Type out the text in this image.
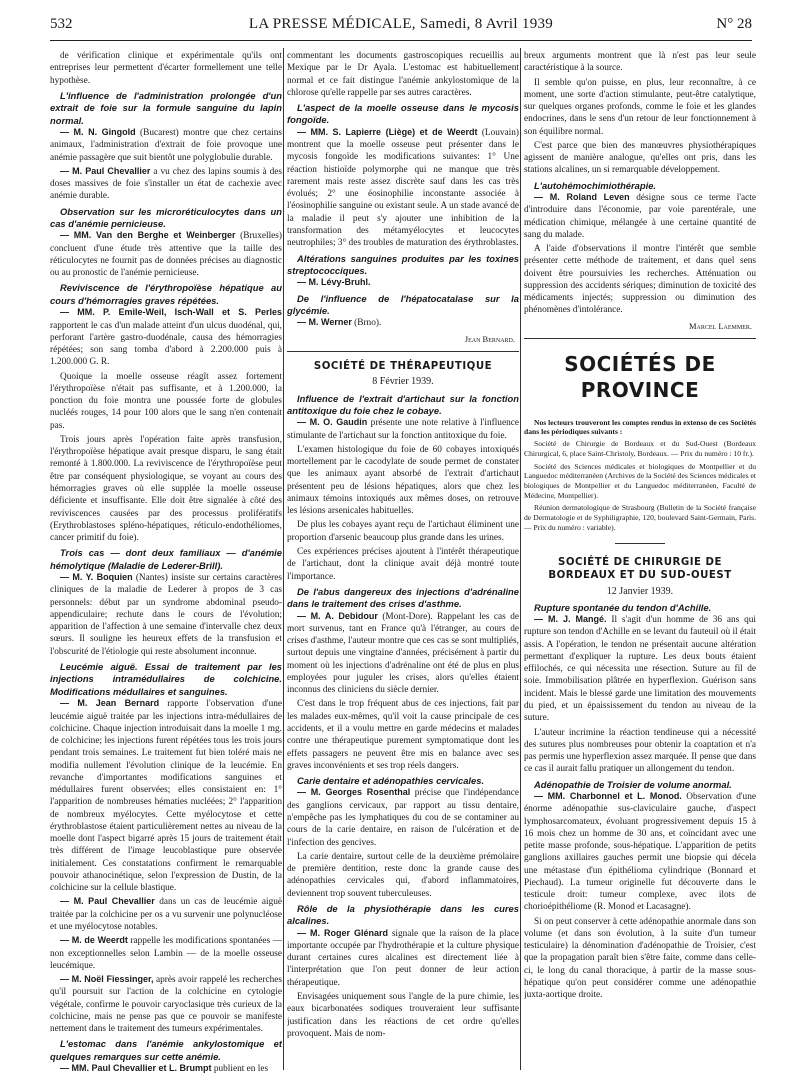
532	LA PRESSE MÉDICALE, Samedi, 8 Avril 1939	N° 28

de vérification clinique et expérimentale qu'ils ont entreprises leur permettent d'écarter formellement une telle hypothèse.

L'influence de l'administration prolongée d'un extrait de foie sur la formule sanguine du lapin normal.

— M. N. Gingold (Bucarest) montre que chez certains animaux, l'administration d'extrait de foie provoque une anémie passagère que suit bientôt une polyglobulie durable.

— M. Paul Chevallier a vu chez des lapins soumis à des doses massives de foie s'installer un état de cachexie avec anémie durable.

Observation sur les microréticulocytes dans un cas d'anémie pernicieuse.

— MM. Van den Berghe et Weinberger (Bruxelles) concluent d'une étude très attentive que la taille des réticulocytes ne fournit pas de données précises au diagnostic ou au pronostic de l'anémie pernicieuse.

Reviviscence de l'érythropoïèse hépatique au cours d'hémorragies graves répétées.

— MM. P. Emile-Weil, Isch-Wall et S. Perles rapportent le cas d'un malade atteint d'un ulcus duodénal, qui, perforant l'artère gastro-duodénale, causa des hémorragies répétées; son sang tomba d'abord à 2.200.000 puis à 1.200.000 G. R.

Quoique la moelle osseuse réagît assez fortement l'érythropoïèse n'était pas suffisante, et à 1.200.000, la ponction du foie montra une poussée forte de globules nucléés rouges, 14 pour 100 alors que le sang n'en contenait pas.

Trois jours après l'opération faite après transfusion, l'érythropoïèse hépatique avait presque disparu, le sang était remonté à 1.800.000. La reviviscence de l'érythropoïèse peut être par conséquent physiologique, se voyant au cours des hémorragies graves où elle supplée la moelle osseuse déficiente et insuffisante. Elle doit être signalée à côté des reviviscences causées par des processus prolifératifs (Erythroblastoses spléno-hépatiques, réticulo-endothéliomes, cancer primitif du foie).

Trois cas — dont deux familiaux — d'anémie hémolytique (Maladie de Lederer-Brill).

— M. Y. Boquien (Nantes) insiste sur certains caractères cliniques de la maladie de Lederer à propos de 3 cas personnels: début par un syndrome abdominal pseudo-appendiculaire; rechute dans le cours de l'évolution; apparition de l'affection à une semaine d'intervalle chez deux sœurs. Il souligne les heureux effets de la transfusion et l'obscurité de l'étiologie qui reste absolument inconnue.

Leucémie aiguë. Essai de traitement par les injections intramédullaires de colchicine. Modifications médullaires et sanguines.

— M. Jean Bernard rapporte l'observation d'une leucémie aiguë traitée par les injections intra-médullaires de colchicine. Chaque injection introduisait dans la moelle 1 mg. de colchicine; les injections furent répétées tous les trois jours pendant trois semaines. Le traitement fut bien toléré mais ne modifia nullement l'évolution clinique de la leucémie. En revanche d'importantes modifications sanguines et médullaires furent observées; elles consistaient en: 1° l'apparition de nombreuses hématies nucléées; 2° l'apparition de nombreux myélocytes. Cette myélocytose et cette érythroblastose étaient particulièrement nettes au niveau de la moelle dont l'aspect bigarré après 15 jours de traitement était très différent de l'image leucoblastique pure observée initialement. Ces constatations confirment le remarquable pouvoir athanocinétique, selon l'expression de Dustin, de la colchicine sur la cellule blastique.

— M. Paul Chevallier dans un cas de leucémie aiguë traitée par la colchicine per os a vu survenir une polynucléose et une myélocytose notables.

— M. de Weerdt rappelle les modifications spontanées — non exceptionnelles selon Lambin — de la moelle osseuse leucémique.

— M. Noël Fiessinger, après avoir rappelé les recherches qu'il poursuit sur l'action de la colchicine en cytologie végétale, confirme le pouvoir caryoclasique très curieux de la colchicine, mais ne pense pas que ce pouvoir se manifeste nettement dans le traitement des tumeurs expérimentales.

L'estomac dans l'anémie ankylostomique et quelques remarques sur cette anémie.

— MM. Paul Chevallier et L. Brumpt publient en les

commentant les documents gastroscopiques recueillis au Mexique par le Dr Ayala. L'estomac est habituellement normal et ce fait distingue l'anémie ankylostomique de la chlorose qu'elle rappelle par ses autres caractères.

L'aspect de la moelle osseuse dans le mycosis fongoïde.

— MM. S. Lapierre (Liège) et de Weerdt (Louvain) montrent que la moelle osseuse peut présenter dans le mycosis fongoïde les modifications suivantes: 1° Une réaction histioïde polymorphe qui ne manque que très rarement mais reste assez discrète sauf dans les cas très évolués; 2° une éosinophilie inconstante associée à l'éosinophilie sanguine ou existant seule. A un stade avancé de la maladie il peut s'y ajouter une inhibition de la transformation des métamyélocytes et leucocytes neutrophiles; 3° des troubles de maturation des érythroblastes.

Altérations sanguines produites par les toxines streptococciques.

— M. Lévy-Bruhl.

De l'influence de l'hépatocatalase sur la glycémie.

— M. Werner (Brno).

Jean Bernard.
SOCIÉTÉ DE THÉRAPEUTIQUE
8 Février 1939.

Influence de l'extrait d'artichaut sur la fonction antitoxique du foie chez le cobaye.

— M. O. Gaudin présente une note relative à l'influence stimulante de l'artichaut sur la fonction antitoxique du foie.

L'examen histologique du foie de 60 cobayes intoxiqués mortellement par le cacodylate de soude permet de constater que les animaux ayant absorbé de l'extrait d'artichaut présentent peu de lésions hépatiques, alors que chez les animaux témoins intoxiqués aux mêmes doses, on retrouve les lésions arsenicales habituelles.

De plus les cobayes ayant reçu de l'artichaut éliminent une proportion d'arsenic beaucoup plus grande dans les urines.

Ces expériences précises ajoutent à l'intérêt thérapeutique de l'artichaut, dont la clinique avait déjà montré toute l'importance.

De l'abus dangereux des injections d'adrénaline dans le traitement des crises d'asthme.

— M. A. Debidour (Mont-Dore). Rappelant les cas de mort survenus, tant en France qu'à l'étranger, au cours de crises d'asthme, l'auteur montre que ces cas se sont multipliés, surtout depuis une vingtaine d'années, précisément à partir du moment où les injections d'adrénaline ont été de plus en plus employées pour juguler les crises, alors qu'elles étaient inconnus des cliniciens du siècle dernier.

C'est dans le trop fréquent abus de ces injections, fait par les malades eux-mêmes, qu'il voit la cause principale de ces accidents, et il a voulu mettre en garde médecins et malades contre une thérapeutique purement symptomatique dont les effets passagers ne peuvent être mis en balance avec ses graves inconvénients et ses trop réels dangers.

Carie dentaire et adénopathies cervicales.

— M. Georges Rosenthal précise que l'indépendance des ganglions cervicaux, par rapport au tissu dentaire, n'empêche pas les lymphatiques du cou de se contaminer au cours de la carie dentaire, en raison de l'ulcération et de l'infection des gencives.

La carie dentaire, surtout celle de la deuxième prémolaire de première dentition, reste donc la grande cause des adénopathies cervicales qui, d'abord inflammatoires, deviennent trop souvent tuberculeuses.

Rôle de la physiothérapie dans les cures alcalines.

— M. Roger Glénard signale que la raison de la place importante occupée par l'hydrothérapie et la culture physique durant certaines cures alcalines est directement liée à l'interprétation que l'on peut donner de leur action thérapeutique.

Envisagées uniquement sous l'angle de la pure chimie, les eaux bicarbonatées sodiques trouveraient leur suffisante justification dans les réactions de cet ordre qu'elles provoquent. Mais de nom-

breux arguments montrent que là n'est pas leur seule caractéristique à la source.

Il semble qu'on puisse, en plus, leur reconnaître, à ce moment, une sorte d'action stimulante, peut-être catalytique, sur quelques organes profonds, comme le foie et les glandes endocrines, dans le sens d'un retour de leur fonctionnement à son équilibre normal.

C'est parce que bien des manœuvres physiothérapiques agissent de manière analogue, qu'elles ont pris, dans les stations alcalines, un si remarquable développement.

L'autohémochimiothérapie.

— M. Roland Leven désigne sous ce terme l'acte d'introduire dans l'économie, par voie parentérale, une médication chimique, mélangée à une certaine quantité de sang du malade.

A l'aide d'observations il montre l'intérêt que semble présenter cette méthode de traitement, et dans quel sens doivent être poursuivies les recherches. Atténuation ou suppression des accidents sériques; diminution de toxicité des médicaments injectés; suppression ou diminution des phénomènes d'intolérance.

Marcel Laemmer.
SOCIÉTÉS DE PROVINCE

Nos lecteurs trouveront les comptes rendus in extenso de ces Sociétés dans les périodiques suivants :

Société de Chirurgie de Bordeaux et du Sud-Ouest (Bordeaux Chirurgical, 6, place Saint-Christoly, Bordeaux. — Prix du numéro : 10 fr.).

Société des Sciences médicales et biologiques de Montpellier et du Languedoc méditerranéen (Archives de la Société des Sciences médicales et biologiques de Montpellier et du Languedoc méditerranéen, Faculté de Médecine, Montpellier).

Réunion dermatologique de Strasbourg (Bulletin de la Société française de Dermatologie et de Syphiligraphie, 120, boulevard Saint-Germain, Paris. — Prix du numéro : variable).

SOCIÉTÉ DE CHIRURGIE DE BORDEAUX ET DU SUD-OUEST
12 Janvier 1939.

Rupture spontanée du tendon d'Achille.

— M. J. Mangé. Il s'agit d'un homme de 36 ans qui rupture son tendon d'Achille en se levant du fauteuil où il était assis. A l'opération, le tendon ne présentait aucune altération permettant d'expliquer la rupture. Les deux bouts étaient effilochés, ce qui nécessita une résection. Suture au fil de soie. Immobilisation plâtrée en hyperflexion. Guérison sans incident. Mais le blessé garde une limitation des mouvements du pied, et un épaississement du tendon au niveau de la suture.

L'auteur incrimine la réaction tendineuse qui a nécessité des sutures plus nombreuses pour obtenir la coaptation et n'a pas permis une hyperflexion assez marquée. Il pense que dans ce cas il aurait fallu pratiquer un allongement du tendon.

Adénopathie de Troisier de volume anormal.

— MM. Charbonnel et L. Monod. Observation d'une énorme adénopathie sus-claviculaire gauche, d'aspect lymphosarcomateux, évoluant progressivement depuis 15 à 16 mois chez un homme de 30 ans, et coïncidant avec une petite masse profonde, sous-hépatique. L'apparition de petits ganglions axillaires gauches permit une biopsie qui décela une métastase d'un épithélioma cylindrique (Bonnard et Piechaud). La tumeur originelle fut découverte dans le testicule droit: tumeur complexe, avec ilots de chorioépithéliome (R. Monod et Lacasagne).

Si on peut conserver à cette adénopathie anormale dans son volume (et dans son évolution, à la suite d'un tumeur testiculaire) la dénomination d'adénopathie de Troisier, c'est que la propagation paraît bien s'être faite, comme dans celle-ci, le long du canal thoracique, à partir de la masse sous-hépatique qu'on peut considérer comme une adénopathie juxta-aortique droite.
